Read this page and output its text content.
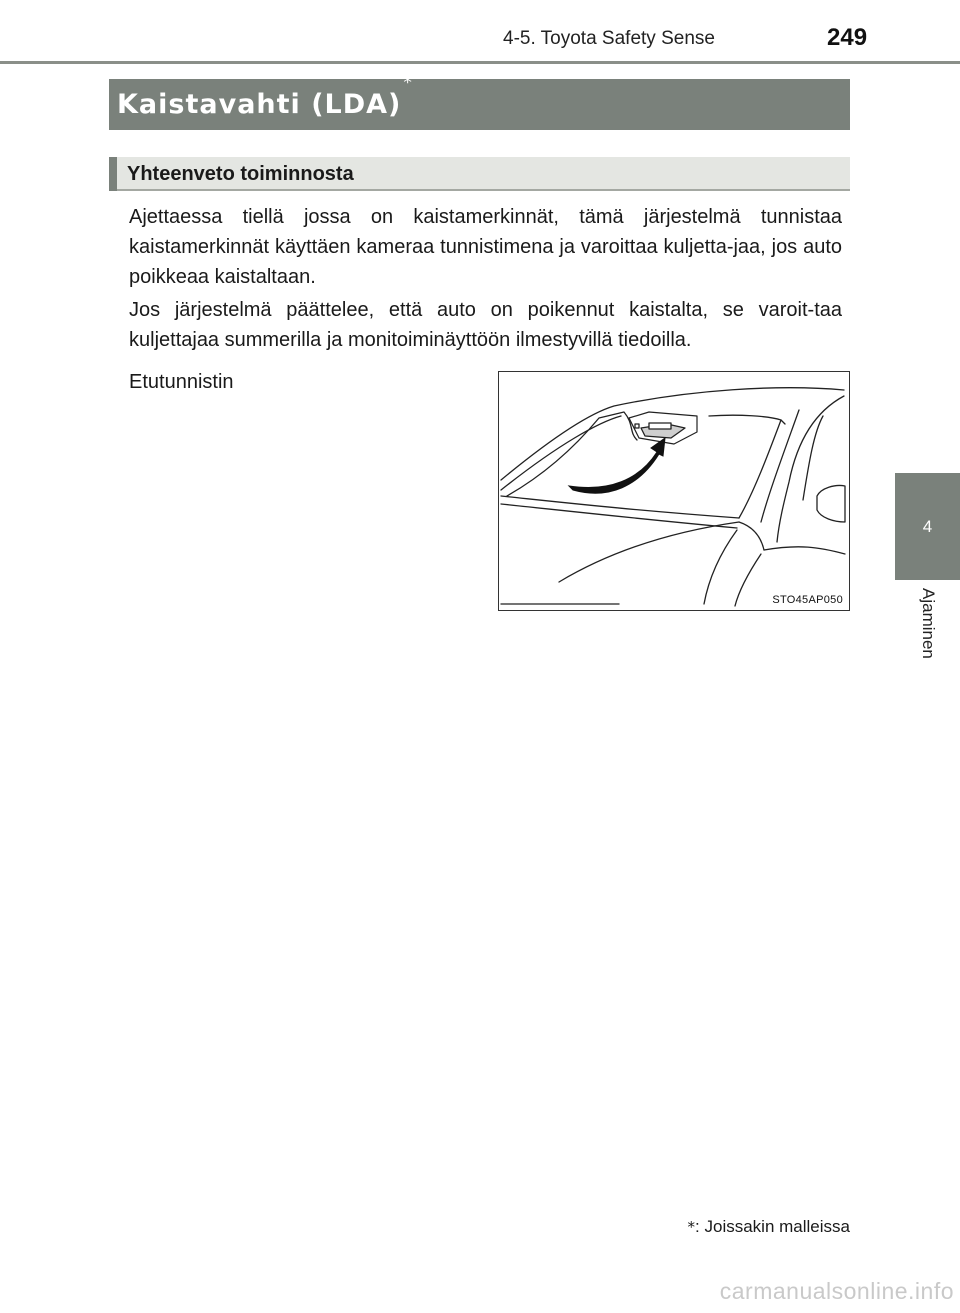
4-5. Toyota Safety Sense	249
Kaistavahti (LDA)*
Yhteenveto toiminnosta

Ajettaessa tiellä jossa on kaistamerkinnät, tämä järjestelmä tunnistaa kaistamerkinnät käyttäen kameraa tunnistimena ja varoittaa kuljetta-jaa, jos auto poikkeaa kaistaltaan.

Jos järjestelmä päättelee, että auto on poikennut kaistalta, se varoit-taa kuljettajaa summerilla ja monitoiminäyttöön ilmestyvillä tiedoilla.

Etutunnistin
STO45AP050
4
Ajaminen
*: Joissakin malleissa
carmanualsonline.info
